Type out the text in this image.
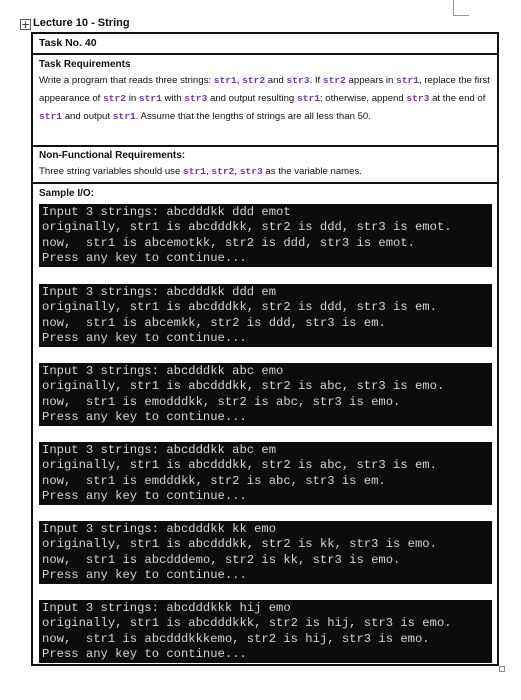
+ Lecture 10 - String
Task No. 40
Task Requirements
Write a program that reads three strings: str1, str2 and str3. If str2 appears in str1, replace the first appearance of str2 in str1 with str3 and output resulting str1; otherwise, append str3 at the end of str1 and output str1. Assume that the lengths of strings are all less than 50.
Non-Functional Requirements:
Three string variables should use str1, str2, str3 as the variable names.
Sample I/O:
Input 3 strings: abcdddkk ddd emot
originally, str1 is abcdddkk, str2 is ddd, str3 is emot.
now,  str1 is abcemotkk, str2 is ddd, str3 is emot.
Press any key to continue...
Input 3 strings: abcdddkk ddd em
originally, str1 is abcdddkk, str2 is ddd, str3 is em.
now,  str1 is abcemkk, str2 is ddd, str3 is em.
Press any key to continue...
Input 3 strings: abcdddkk abc emo
originally, str1 is abcdddkk, str2 is abc, str3 is emo.
now,  str1 is emodddkk, str2 is abc, str3 is emo.
Press any key to continue...
Input 3 strings: abcdddkk abc em
originally, str1 is abcdddkk, str2 is abc, str3 is em.
now,  str1 is emdddkk, str2 is abc, str3 is em.
Press any key to continue...
Input 3 strings: abcdddkk kk emo
originally, str1 is abcdddkk, str2 is kk, str3 is emo.
now,  str1 is abcdddemo, str2 is kk, str3 is emo.
Press any key to continue...
Input 3 strings: abcdddkkk hij emo
originally, str1 is abcdddkkk, str2 is hij, str3 is emo.
now,  str1 is abcdddkkkemo, str2 is hij, str3 is emo.
Press any key to continue...
